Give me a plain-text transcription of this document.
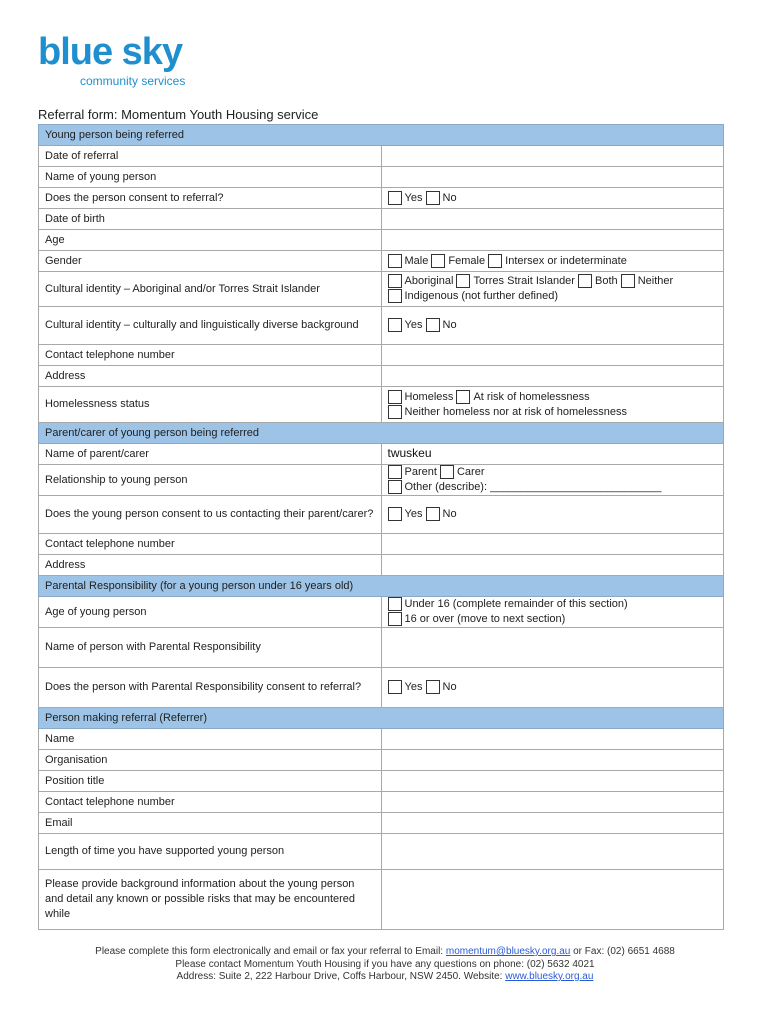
blue sky
community services
Referral form: Momentum Youth Housing service
Young person being referred	
Date of referral	
Name of young person	
Does the person consent to referral?	Yes No
Date of birth	
Age	
Gender	Male Female Intersex or indeterminate
Cultural identity – Aboriginal and/or Torres Strait Islander	Aboriginal Torres Strait Islander Both Neither
Indigenous (not further defined)

Cultural identity – culturally and linguistically diverse background	Yes No
Contact telephone number	
Address	
Homelessness status	Homeless At risk of homelessness
Neither homeless nor at risk of homelessness

Parent/carer of young person being referred	
Name of parent/carer	twuskeu
Relationship to young person	Parent Carer Other (describe): ____________________________
Does the young person consent to us contacting their parent/carer?	Yes No
Contact telephone number	
Address	
Parental Responsibility (for a young person under 16 years old)	
Age of young person	Under 16 (complete remainder of this section) 16 or over (move to next section)
Name of person with Parental Responsibility	
Does the person with Parental Responsibility consent to referral?	Yes No
Person making referral (Referrer)	
Name	
Organisation	
Position title	
Contact telephone number	
Email	
Length of time you have supported young person	
Please provide background information about the young person and detail any known or possible risks that may be encountered while	
Please complete this form electronically and email or fax your referral to Email: momentum@bluesky.org.au or Fax: (02) 6651 4688
Please contact Momentum Youth Housing if you have any questions on phone: (02) 5632 4021
Address: Suite 2, 222 Harbour Drive, Coffs Harbour, NSW 2450. Website: www.bluesky.org.au
